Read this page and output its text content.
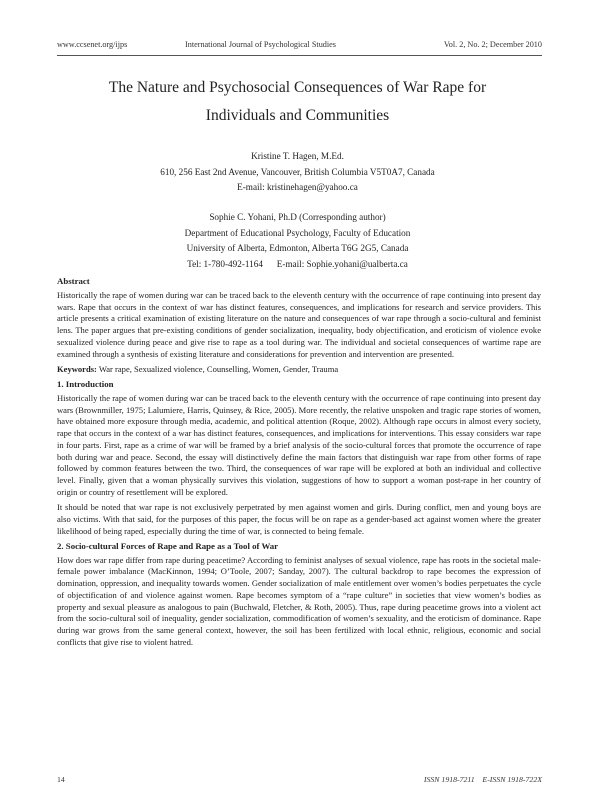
www.ccsenet.org/ijps	International Journal of Psychological Studies	Vol. 2, No. 2; December 2010
The Nature and Psychosocial Consequences of War Rape for
Individuals and Communities
Kristine T. Hagen, M.Ed.
610, 256 East 2nd Avenue, Vancouver, British Columbia V5T0A7, Canada
E-mail: kristinehagen@yahoo.ca
Sophie C. Yohani, Ph.D (Corresponding author)
Department of Educational Psychology, Faculty of Education
University of Alberta, Edmonton, Alberta T6G 2G5, Canada
Tel: 1-780-492-1164      E-mail: Sophie.yohani@ualberta.ca
Abstract
Historically the rape of women during war can be traced back to the eleventh century with the occurrence of rape continuing into present day wars. Rape that occurs in the context of war has distinct features, consequences, and implications for research and service providers. This article presents a critical examination of existing literature on the nature and consequences of war rape through a socio-cultural and feminist lens. The paper argues that pre-existing conditions of gender socialization, inequality, body objectification, and eroticism of violence evoke sexualized violence during peace and give rise to rape as a tool during war. The individual and societal consequences of wartime rape are examined through a synthesis of existing literature and considerations for prevention and intervention are presented.
Keywords: War rape, Sexualized violence, Counselling, Women, Gender, Trauma
1. Introduction
Historically the rape of women during war can be traced back to the eleventh century with the occurrence of rape continuing into present day wars (Brownmiller, 1975; Lalumiere, Harris, Quinsey, & Rice, 2005). More recently, the relative unspoken and tragic rape stories of women, have obtained more exposure through media, academic, and political attention (Roque, 2002). Although rape occurs in almost every society, rape that occurs in the context of a war has distinct features, consequences, and implications for interventions. This essay considers war rape in four parts. First, rape as a crime of war will be framed by a brief analysis of the socio-cultural forces that promote the occurrence of rape both during war and peace. Second, the essay will distinctively define the main factors that distinguish war rape from other forms of rape followed by common features between the two. Third, the consequences of war rape will be explored at both an individual and collective level. Finally, given that a woman physically survives this violation, suggestions of how to support a woman post-rape in her country of origin or country of resettlement will be explored.
It should be noted that war rape is not exclusively perpetrated by men against women and girls. During conflict, men and young boys are also victims. With that said, for the purposes of this paper, the focus will be on rape as a gender-based act against women where the greater likelihood of being raped, especially during the time of war, is connected to being female.
2. Socio-cultural Forces of Rape and Rape as a Tool of War
How does war rape differ from rape during peacetime? According to feminist analyses of sexual violence, rape has roots in the societal male-female power imbalance (MacKinnon, 1994; O’Toole, 2007; Sanday, 2007). The cultural backdrop to rape becomes the expression of domination, oppression, and inequality towards women. Gender socialization of male entitlement over women’s bodies perpetuates the cycle of objectification of and violence against women. Rape becomes symptom of a “rape culture” in societies that view women’s bodies as property and sexual pleasure as analogous to pain (Buchwald, Fletcher, & Roth, 2005). Thus, rape during peacetime grows into a violent act from the socio-cultural soil of inequality, gender socialization, commodification of women’s sexuality, and the eroticism of dominance. Rape during war grows from the same general context, however, the soil has been fertilized with local ethnic, religious, economic and social conflicts that give rise to violent hatred.
14	ISSN 1918-7211    E-ISSN 1918-722X
